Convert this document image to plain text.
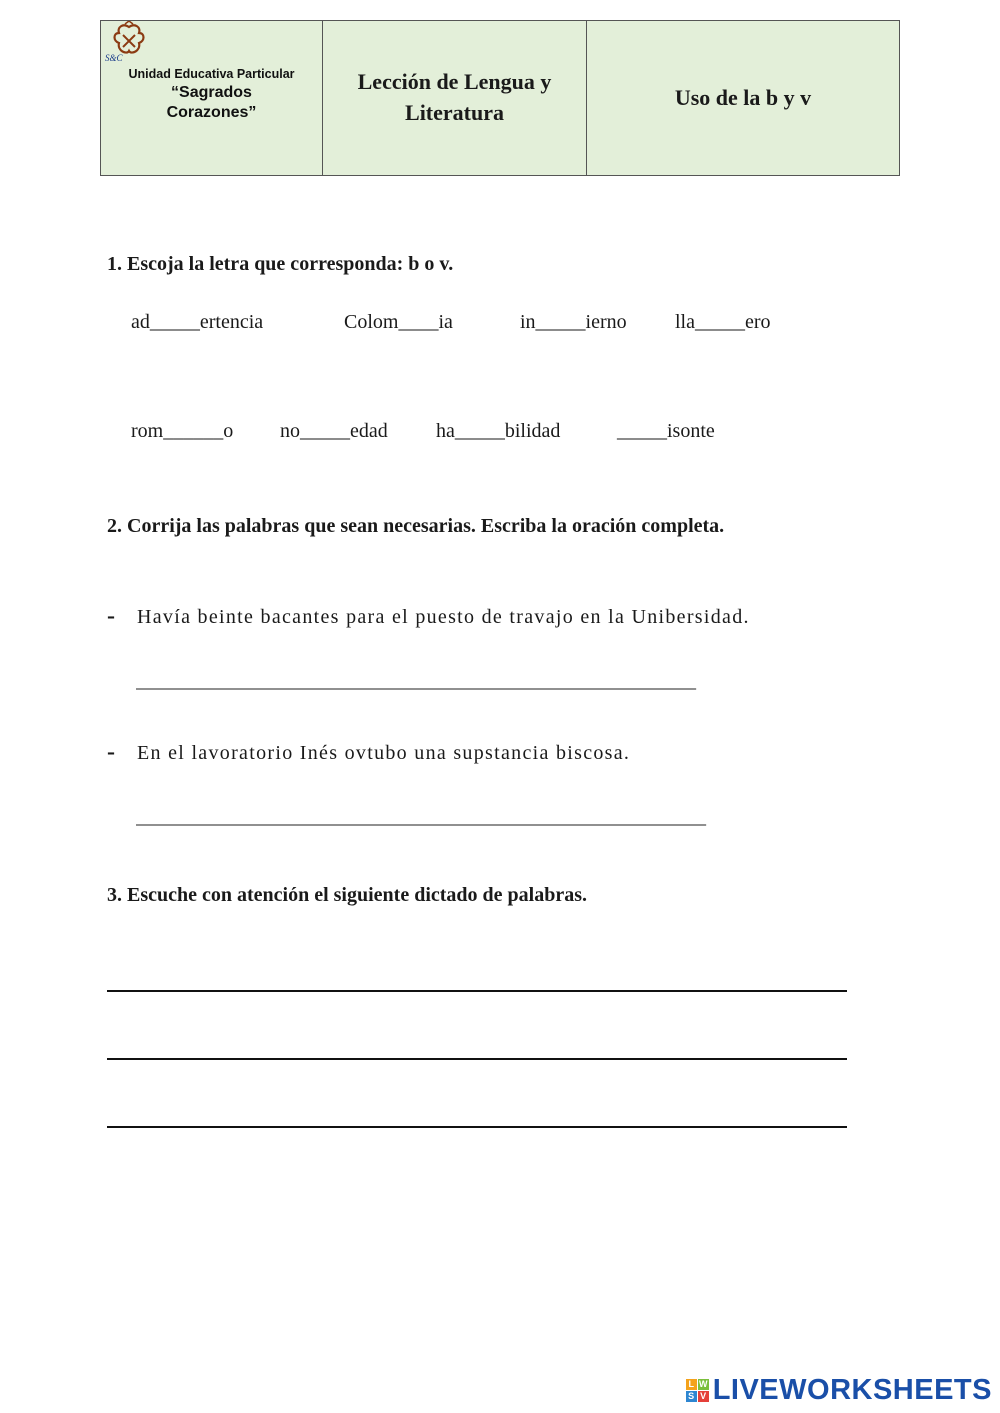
S&C
Unidad Educativa Particular
“Sagrados
Corazones”

Lección de Lengua y
Literatura

Uso de la b y v
1. Escoja la letra que corresponda: b o v.
ad_____ertencia	Colom____ia	in_____ierno lla_____ero
rom______o no_____edad ha_____bilidad	_____isonte
2. Corrija las palabras que sean necesarias. Escriba la oración completa.
- Havía beinte bacantes para el puesto de travajo en la Unibersidad.
________________________________________________________
- En el lavoratorio Inés ovtubo una supstancia biscosa.
_________________________________________________________
3. Escuche con atención el siguiente dictado de palabras.
L W
S V LIVEWORKSHEETS
